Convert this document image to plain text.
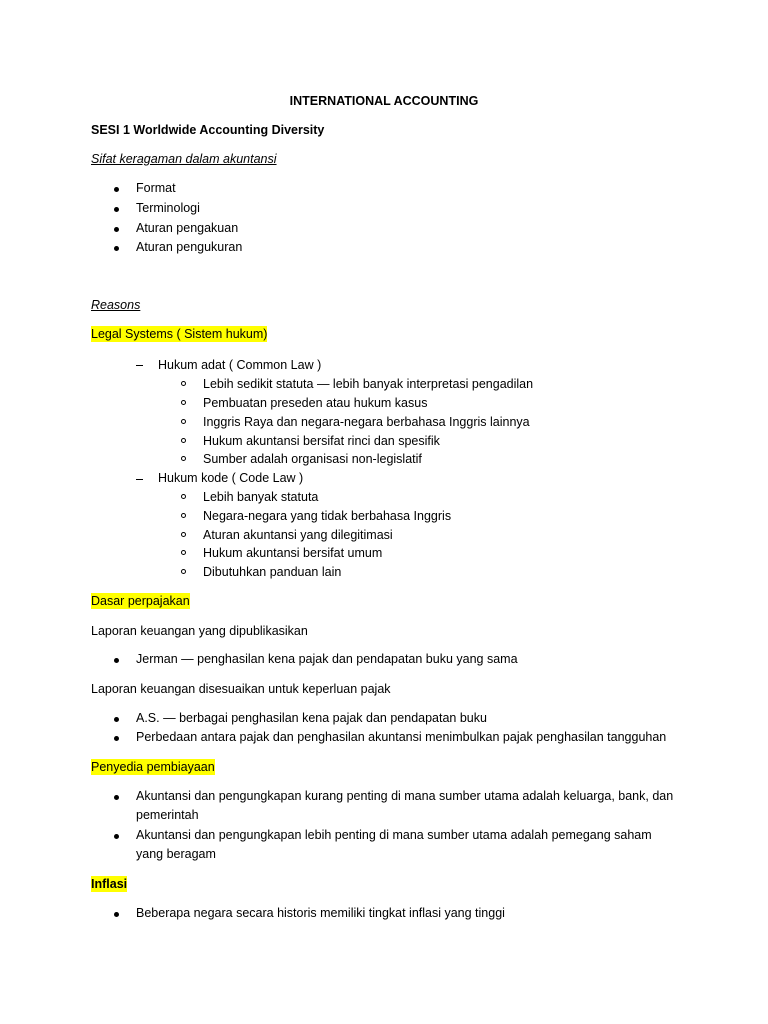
INTERNATIONAL ACCOUNTING
SESI 1 Worldwide Accounting Diversity
Sifat keragaman dalam akuntansi
Format
Terminologi
Aturan pengakuan
Aturan pengukuran
Reasons
Legal Systems ( Sistem hukum)
Hukum adat ( Common Law )
Lebih sedikit statuta — lebih banyak interpretasi pengadilan
Pembuatan preseden atau hukum kasus
Inggris Raya dan negara-negara berbahasa Inggris lainnya
Hukum akuntansi bersifat rinci dan spesifik
Sumber adalah organisasi non-legislatif
Hukum kode ( Code Law )
Lebih banyak statuta
Negara-negara yang tidak berbahasa Inggris
Aturan akuntansi yang dilegitimasi
Hukum akuntansi bersifat umum
Dibutuhkan panduan lain
Dasar perpajakan
Laporan keuangan yang dipublikasikan
Jerman — penghasilan kena pajak dan pendapatan buku yang sama
Laporan keuangan disesuaikan untuk keperluan pajak
A.S. — berbagai penghasilan kena pajak dan pendapatan buku
Perbedaan antara pajak dan penghasilan akuntansi menimbulkan pajak penghasilan tangguhan
Penyedia pembiayaan
Akuntansi dan pengungkapan kurang penting di mana sumber utama adalah keluarga, bank, dan
pemerintah
Akuntansi dan pengungkapan lebih penting di mana sumber utama adalah pemegang saham
yang beragam
Inflasi
Beberapa negara secara historis memiliki tingkat inflasi yang tinggi
